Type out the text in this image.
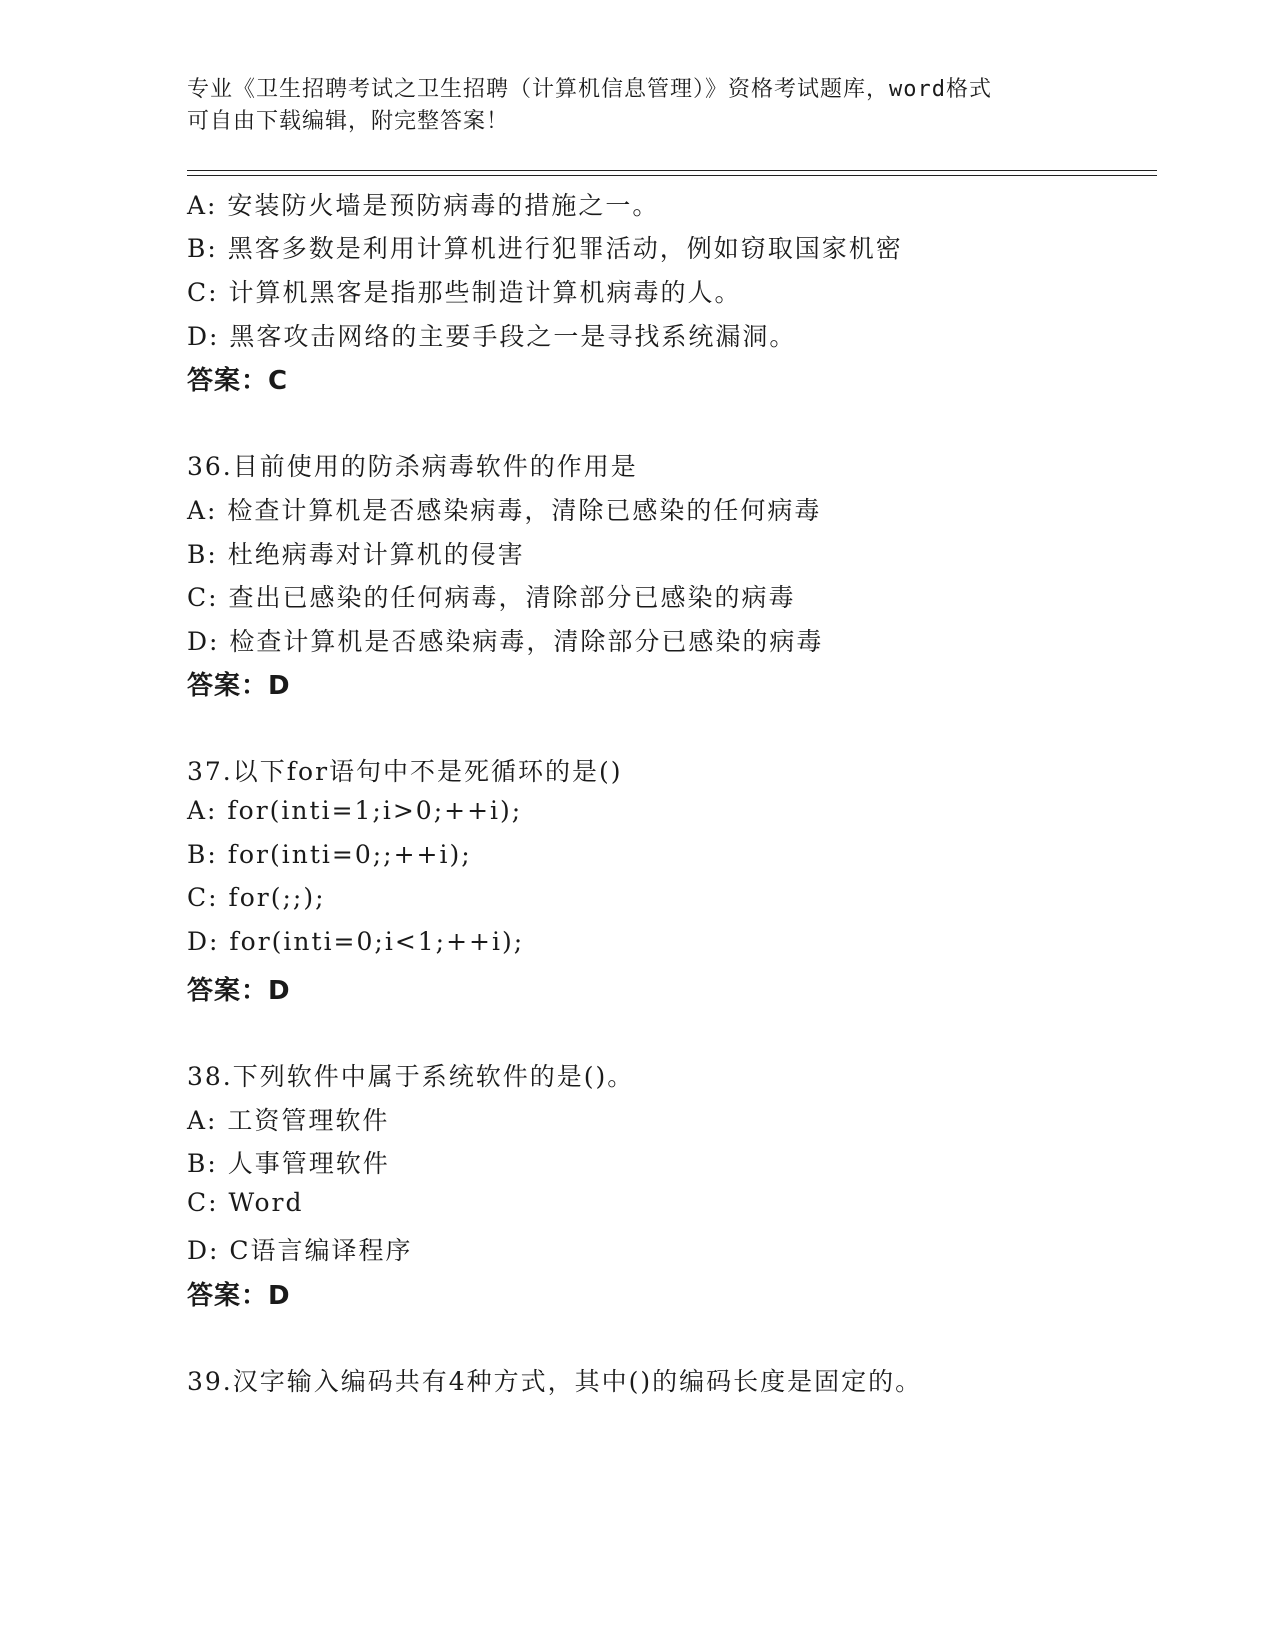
专业《卫生招聘考试之卫生招聘（计算机信息管理）》资格考试题库，word格式
可自由下载编辑，附完整答案！
A: 安装防火墙是预防病毒的措施之一。
B: 黑客多数是利用计算机进行犯罪活动，例如窃取国家机密
C: 计算机黑客是指那些制造计算机病毒的人。
D: 黑客攻击网络的主要手段之一是寻找系统漏洞。
答案：C
36.目前使用的防杀病毒软件的作用是
A: 检查计算机是否感染病毒，清除已感染的任何病毒
B: 杜绝病毒对计算机的侵害
C: 查出已感染的任何病毒，清除部分已感染的病毒
D: 检查计算机是否感染病毒，清除部分已感染的病毒
答案：D
37.以下for语句中不是死循环的是()
A: for(inti=1;i>0;++i);
B: for(inti=0;;++i);
C: for(;;);
D: for(inti=0;i<1;++i);
答案：D
38.下列软件中属于系统软件的是()。
A: 工资管理软件
B: 人事管理软件
C: Word
D: C语言编译程序
答案：D
39.汉字输入编码共有4种方式，其中()的编码长度是固定的。
